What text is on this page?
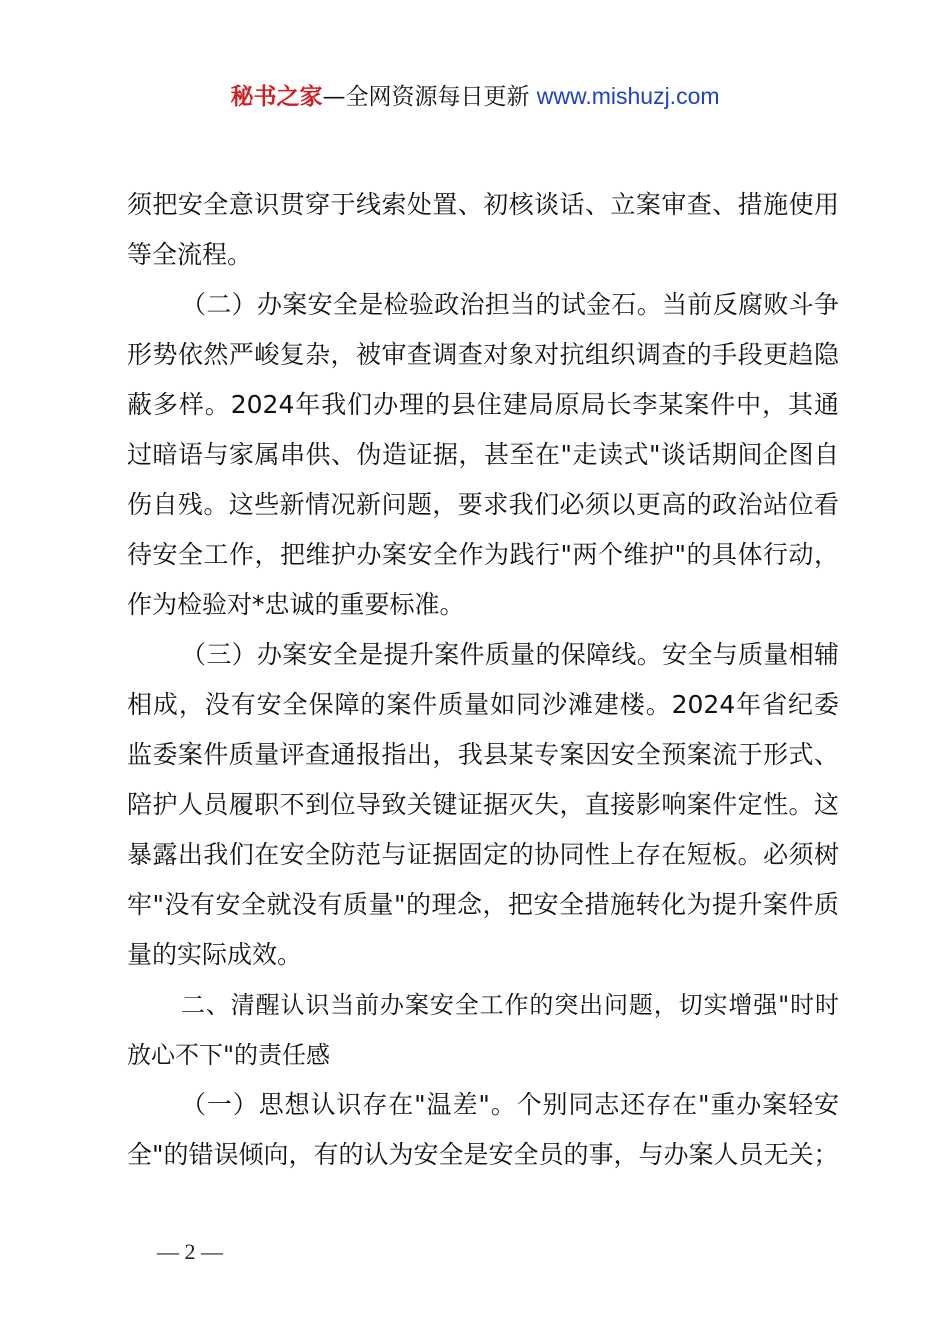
秘书之家—全网资源每日更新 www.mishuzj.com

须把安全意识贯穿于线索处置、初核谈话、立案审查、措施使用等全流程。

（二）办案安全是检验政治担当的试金石。当前反腐败斗争形势依然严峻复杂，被审查调查对象对抗组织调查的手段更趋隐蔽多样。2024年我们办理的县住建局原局长李某案件中，其通过暗语与家属串供、伪造证据，甚至在"走读式"谈话期间企图自伤自残。这些新情况新问题，要求我们必须以更高的政治站位看待安全工作，把维护办案安全作为践行"两个维护"的具体行动，作为检验对*忠诚的重要标准。

（三）办案安全是提升案件质量的保障线。安全与质量相辅相成，没有安全保障的案件质量如同沙滩建楼。2024年省纪委监委案件质量评查通报指出，我县某专案因安全预案流于形式、陪护人员履职不到位导致关键证据灭失，直接影响案件定性。这暴露出我们在安全防范与证据固定的协同性上存在短板。必须树牢"没有安全就没有质量"的理念，把安全措施转化为提升案件质量的实际成效。

二、清醒认识当前办案安全工作的突出问题，切实增强"时时放心不下"的责任感

（一）思想认识存在"温差"。个别同志还存在"重办案轻安全"的错误倾向，有的认为安全是安全员的事，与办案人员无关；

— 2 —
